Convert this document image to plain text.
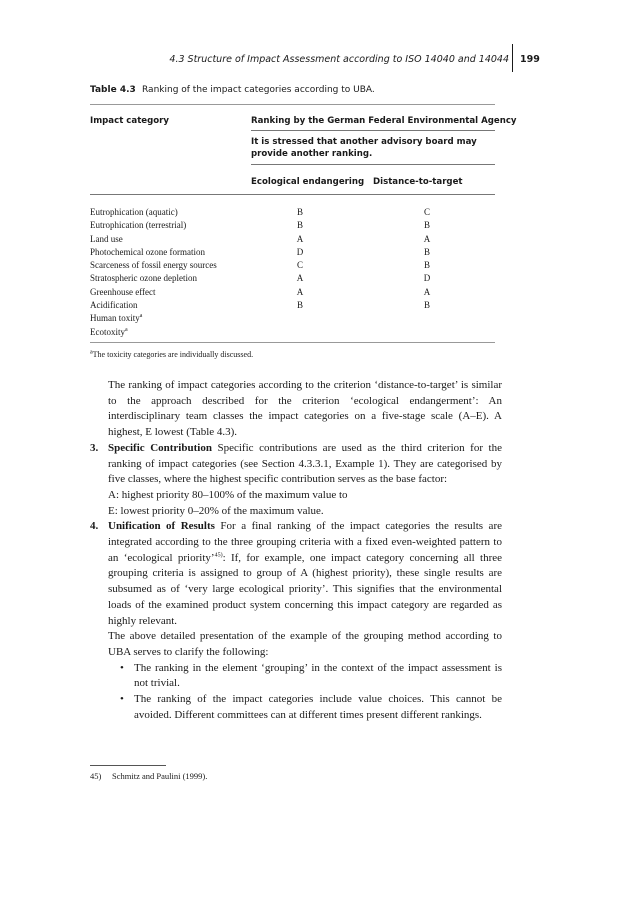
4.3 Structure of Impact Assessment according to ISO 14040 and 14044 199
Table 4.3 Ranking of the impact categories according to UBA.
Impact category	Ranking by the German Federal Environmental Agency
It is stressed that another advisory board may provide another ranking.
Ecological endangering Distance-to-target
Eutrophication (aquatic)	B	C
Eutrophication (terrestrial)	B	B
Land use	A	A
Photochemical ozone formation	D	B
Scarceness of fossil energy sources	C	B
Stratospheric ozone depletion	A	D
Greenhouse effect	A	A
Acidification	B	B
Human toxity$^a$
Ecotoxity$^a$
$^a$The toxicity categories are individually discussed.

The ranking of impact categories according to the criterion ‘distance-to-target’ is similar to the approach described for the criterion ‘ecological endangerment’: An interdisciplinary team classes the impact categories on a five-stage scale (A–E). A highest, E lowest (Table 4.3).

3. Specific Contribution Specific contributions are used as the third criterion for the ranking of impact categories (see Section 4.3.3.1, Example 1). They are categorised by five classes, where the highest specific contribution serves as the base factor:

A: highest priority 80–100% of the maximum value to

E: lowest priority 0–20% of the maximum value.

4. Unification of Results For a final ranking of the impact categories the results are integrated according to the three grouping criteria with a fixed even-weighted pattern to an ‘ecological priority’$^{45)}$: If, for example, one impact category concerning all three grouping criteria is assigned to group of A (highest priority), these single results are subsumed as of ‘very large ecological priority’. This signifies that the environmental loads of the examined product system concerning this impact category are regarded as highly relevant.

The above detailed presentation of the example of the grouping method according to UBA serves to clarify the following:

• The ranking in the element ‘grouping’ in the context of the impact assessment is not trivial.
• The ranking of the impact categories include value choices. This cannot be avoided. Different committees can at different times present different rankings.
45) Schmitz and Paulini (1999).
